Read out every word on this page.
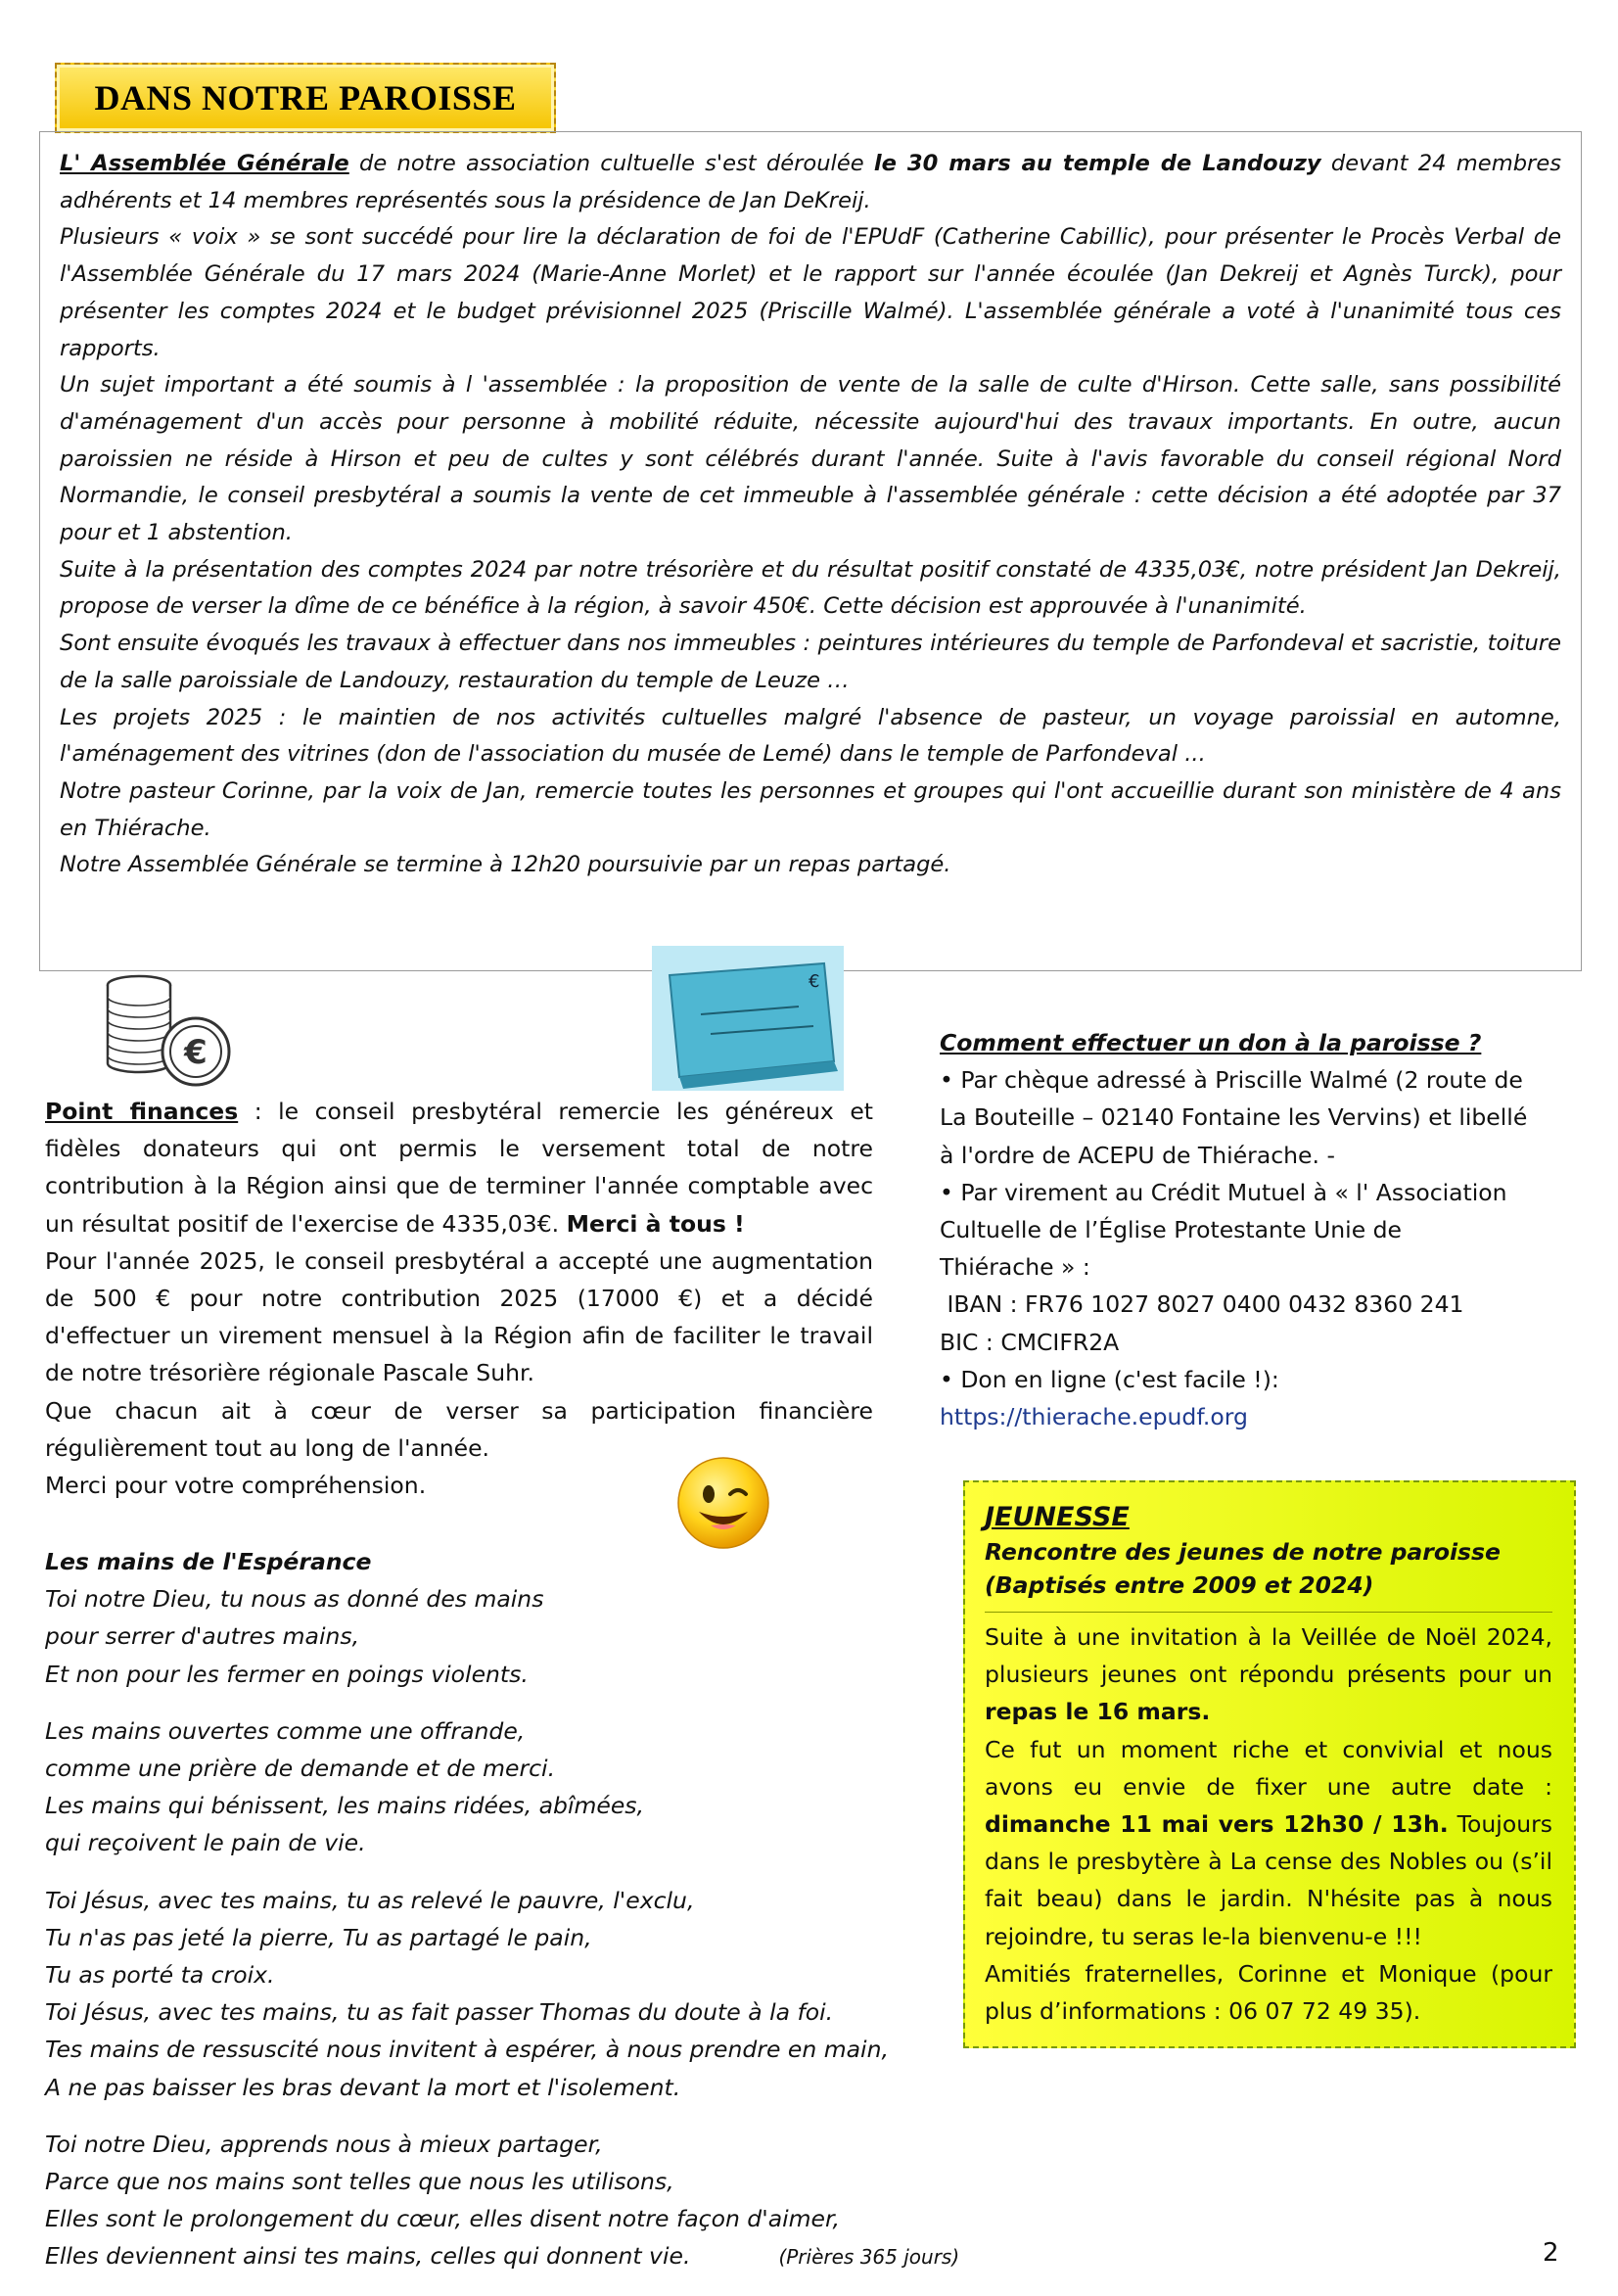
DANS NOTRE PAROISSE

L' Assemblée Générale de notre association cultuelle s'est déroulée le 30 mars au temple de Landouzy devant 24 membres adhérents et 14 membres représentés sous la présidence de Jan DeKreij.

Plusieurs « voix » se sont succédé pour lire la déclaration de foi de l'EPUdF (Catherine Cabillic), pour présenter le Procès Verbal de l'Assemblée Générale du 17 mars 2024 (Marie-Anne Morlet) et le rapport sur l'année écoulée (Jan Dekreij et Agnès Turck), pour présenter les comptes 2024 et le budget prévisionnel 2025 (Priscille Walmé). L'assemblée générale a voté à l'unanimité tous ces rapports.

Un sujet important a été soumis à l 'assemblée : la proposition de vente de la salle de culte d'Hirson. Cette salle, sans possibilité d'aménagement d'un accès pour personne à mobilité réduite, nécessite aujourd'hui des travaux importants. En outre, aucun paroissien ne réside à Hirson et peu de cultes y sont célébrés durant l'année. Suite à l'avis favorable du conseil régional Nord Normandie, le conseil presbytéral a soumis la vente de cet immeuble à l'assemblée générale : cette décision a été adoptée par 37 pour et 1 abstention.

Suite à la présentation des comptes 2024 par notre trésorière et du résultat positif constaté de 4335,03€, notre président Jan Dekreij, propose de verser la dîme de ce bénéfice à la région, à savoir 450€. Cette décision est approuvée à l'unanimité.

Sont ensuite évoqués les travaux à effectuer dans nos immeubles : peintures intérieures du temple de Parfondeval et sacristie, toiture de la salle paroissiale de Landouzy, restauration du temple de Leuze …

Les projets 2025 : le maintien de nos activités cultuelles malgré l'absence de pasteur, un voyage paroissial en automne, l'aménagement des vitrines (don de l'association du musée de Lemé) dans le temple de Parfondeval ...

Notre pasteur Corinne, par la voix de Jan, remercie toutes les personnes et groupes qui l'ont accueillie durant son ministère de 4 ans en Thiérache.

Notre Assemblée Générale se termine à 12h20 poursuivie par un repas partagé.

€
€

Point finances : le conseil presbytéral remercie les généreux et fidèles donateurs qui ont permis le versement total de notre contribution à la Région ainsi que de terminer l'année comptable avec un résultat positif de l'exercise de 4335,03€. Merci à tous !

Pour l'année 2025, le conseil presbytéral a accepté une augmentation de 500 € pour notre contribution 2025 (17000 €) et a décidé d'effectuer un virement mensuel à la Région afin de faciliter le travail de notre trésorière régionale Pascale Suhr.

Que chacun ait à cœur de verser sa participation financière régulièrement tout au long de l'année.

Merci pour votre compréhension.

Les mains de l'Espérance
Toi notre Dieu, tu nous as donné des mains
pour serrer d'autres mains,
Et non pour les fermer en poings violents.
Les mains ouvertes comme une offrande,
comme une prière de demande et de merci.
Les mains qui bénissent, les mains ridées, abîmées,
qui reçoivent le pain de vie.
Toi Jésus, avec tes mains, tu as relevé le pauvre, l'exclu,
Tu n'as pas jeté la pierre, Tu as partagé le pain,
Tu as porté ta croix.
Toi Jésus, avec tes mains, tu as fait passer Thomas du doute à la foi.
Tes mains de ressuscité nous invitent à espérer, à nous prendre en main,
A ne pas baisser les bras devant la mort et l'isolement.
Toi notre Dieu, apprends nous à mieux partager,
Parce que nos mains sont telles que nous les utilisons,
Elles sont le prolongement du cœur, elles disent notre façon d'aimer,
Elles deviennent ainsi tes mains, celles qui donnent vie.	(Prières 365 jours)
Comment effectuer un don à la paroisse ?
• Par chèque adressé à Priscille Walmé (2 route de
La Bouteille – 02140 Fontaine les Vervins) et libellé
à l'ordre de ACEPU de Thiérache. -
• Par virement au Crédit Mutuel à « l' Association
Cultuelle de l’Église Protestante Unie de
Thiérache » :
IBAN : FR76 1027 8027 0400 0432 8360 241
BIC : CMCIFR2A
• Don en ligne (c'est facile !):
https://thierache.epudf.org
JEUNESSE
Rencontre des jeunes de notre paroisse
(Baptisés entre 2009 et 2024)

Suite à une invitation à la Veillée de Noël 2024, plusieurs jeunes ont répondu présents pour un repas le 16 mars.

Ce fut un moment riche et convivial et nous avons eu envie de fixer une autre date : dimanche 11 mai vers 12h30 / 13h. Toujours dans le presbytère à La cense des Nobles ou (s’il fait beau) dans le jardin. N'hésite pas à nous rejoindre, tu seras le-la bienvenu-e !!!

Amitiés fraternelles, Corinne et Monique (pour plus d’informations : 06 07 72 49 35).

2
